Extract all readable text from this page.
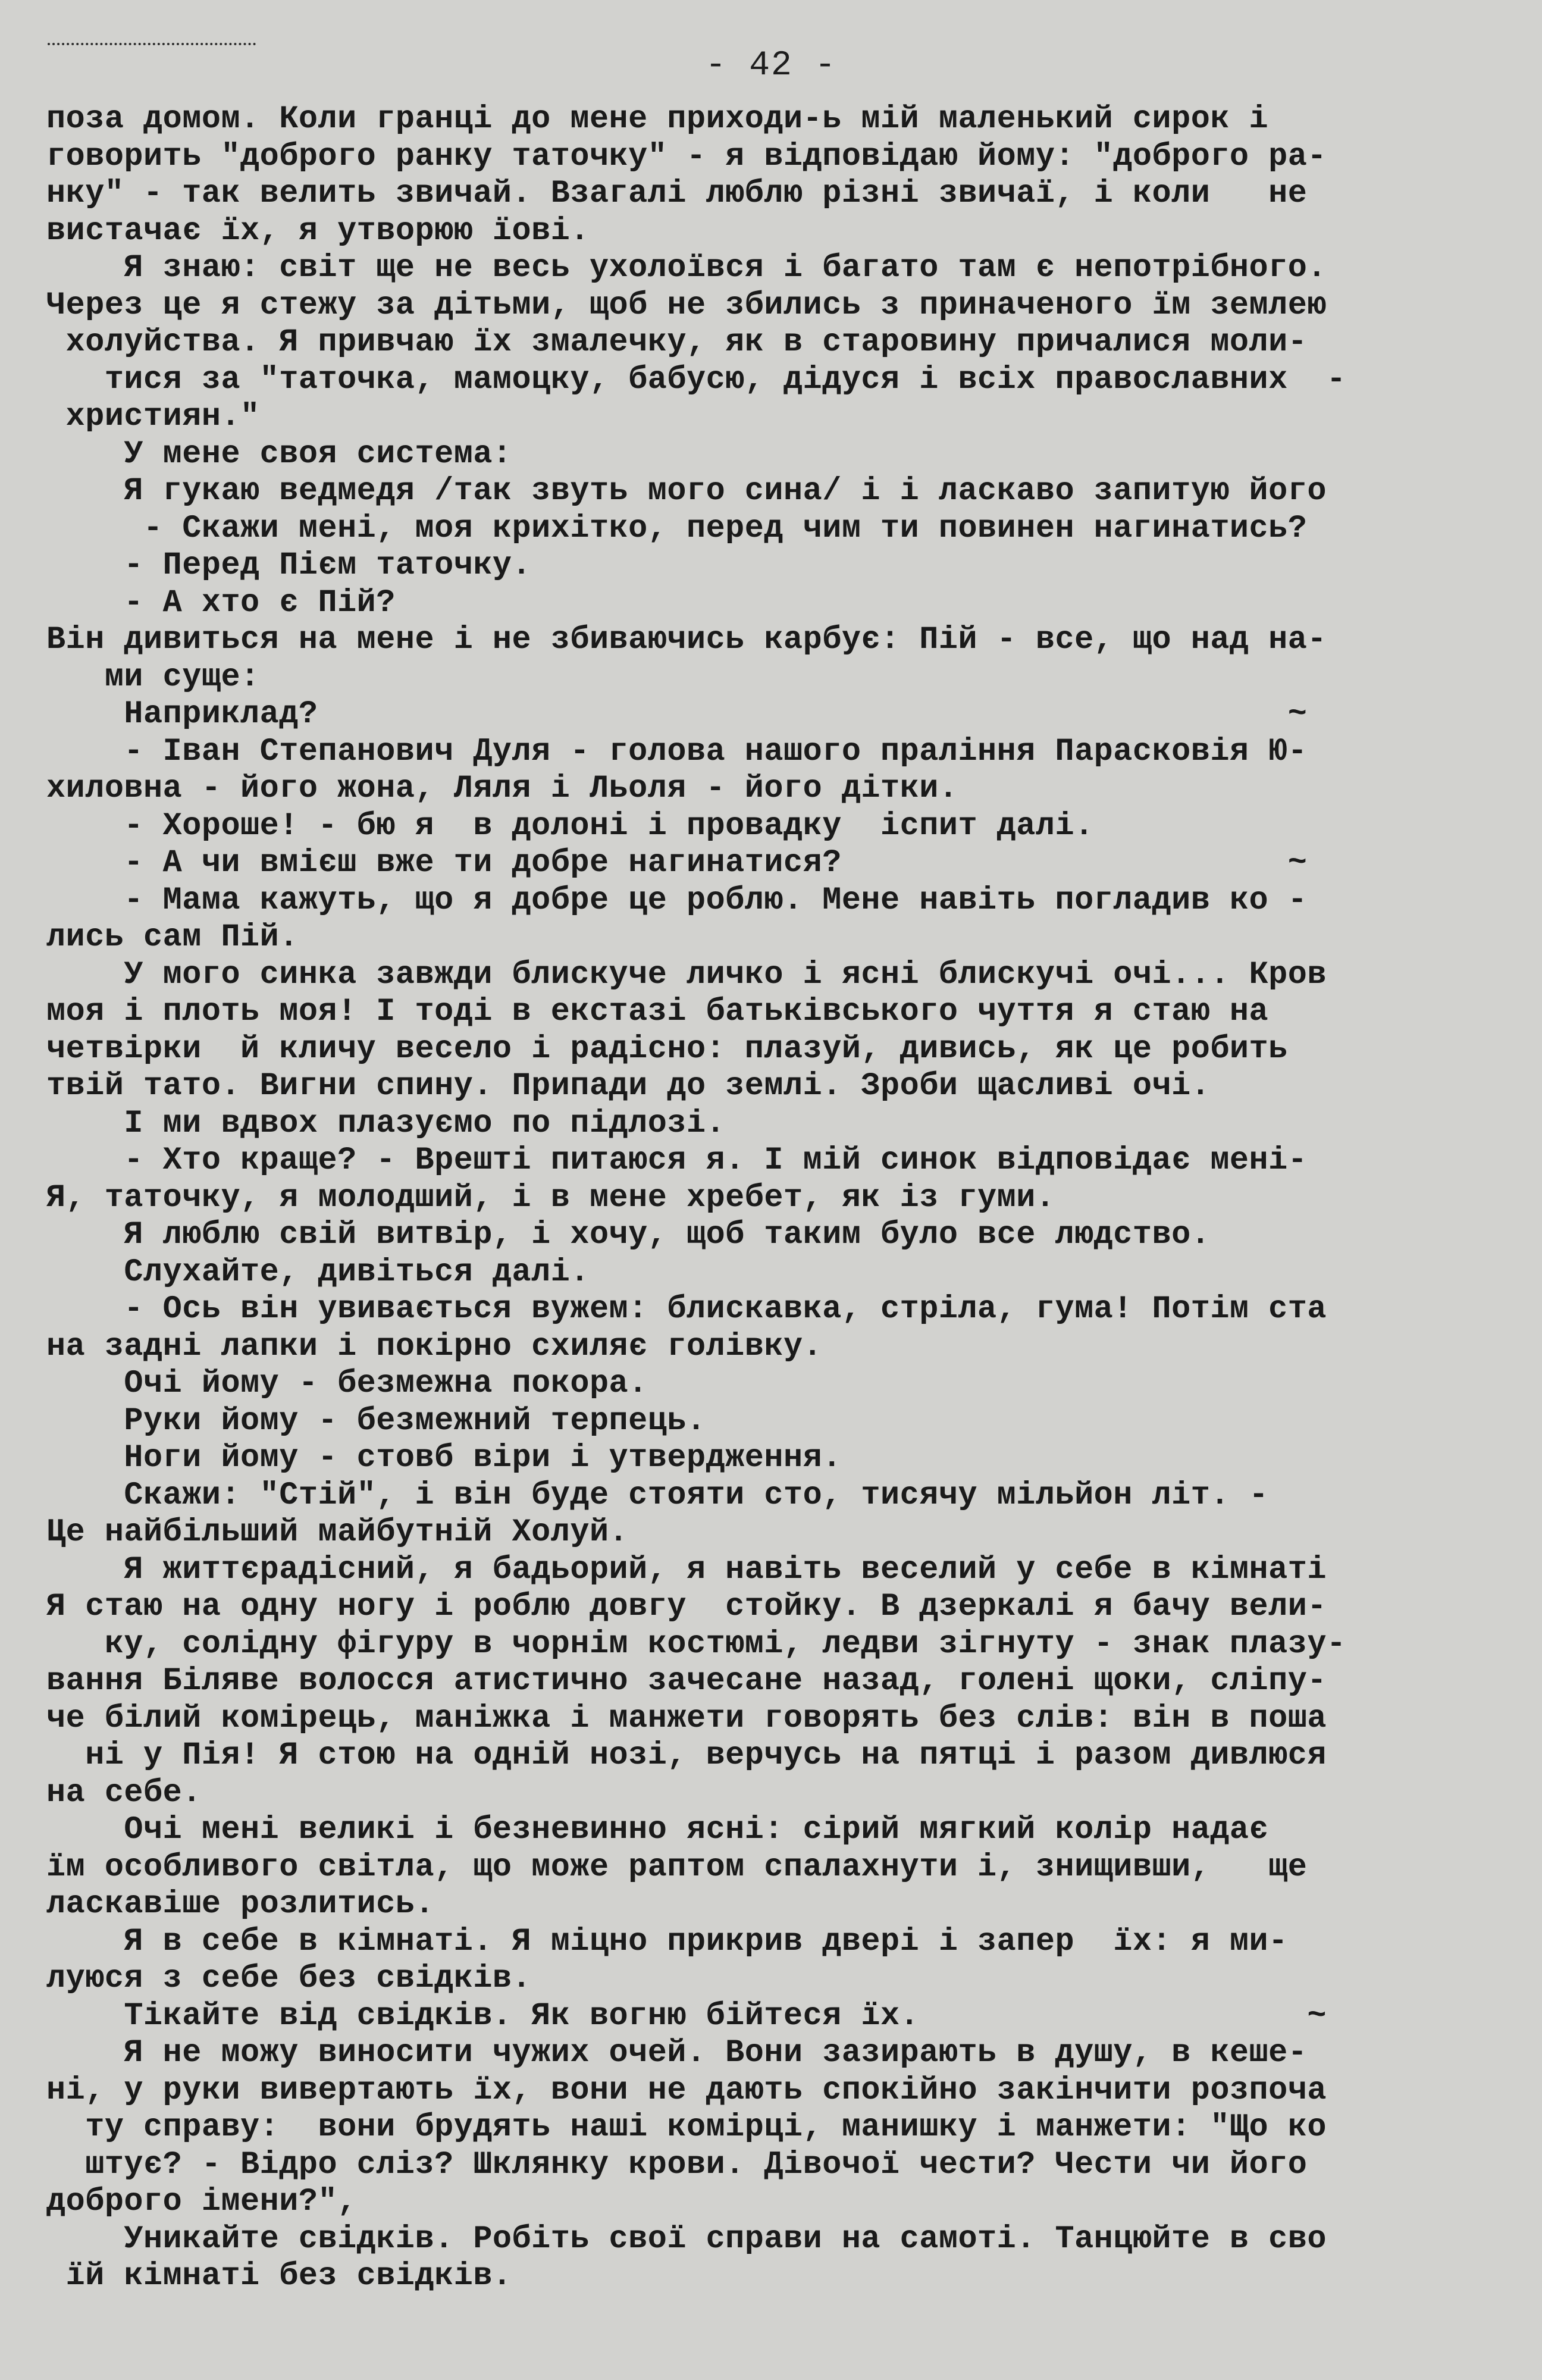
- 42 -
поза домом. Коли гранці до мене приходи-ь мій маленький сирок і
говорить "доброго ранку таточку" - я відповідаю йому: "доброго ра-
нку" - так велить звичай. Взагалі люблю різні звичаї, і коли   не
вистачає їх, я утворюю їові.
Я знаю: світ ще не весь ухолоївся і багато там є непотрібного.
Через це я стежу за дітьми, щоб не збились з приначеного їм землею
холуйства. Я привчаю їх змалечку, як в старовину причалися моли-
тися за "таточка, мамоцку, бабусю, дідуся і всіх православних  -
християн."
У мене своя система:
Я гукаю ведмедя /так звуть мого сина/ і і ласкаво запитую його
- Скажи мені, моя крихітко, перед чим ти повинен нагинатись?
- Перед Пієм таточку.
- А хто є Пій?
Він дивиться на мене і не збиваючись карбує: Пій - все, що над на-
ми суще:
Наприклад?                                                  ~
- Іван Степанович Дуля - голова нашого праління Парасковія Ю-
хиловна - його жона, Ляля і Льоля - його дітки.
- Хороше! - бю я  в долоні і провадку  іспит далі.
- А чи вмієш вже ти добре нагинатися?                       ~
- Мама кажуть, що я добре це роблю. Мене навіть погладив ко -
лись сам Пій.
У мого синка завжди блискуче личко і ясні блискучі очі... Кров
моя і плоть моя! І тоді в екстазі батьківського чуття я стаю на
четвірки  й кличу весело і радісно: плазуй, дивись, як це робить
твій тато. Вигни спину. Припади до землі. Зроби щасливі очі.
І ми вдвох плазуємо по підлозі.
- Хто краще? - Врешті питаюся я. І мій синок відповідає мені-
Я, таточку, я молодший, і в мене хребет, як із гуми.
Я люблю свій витвір, і хочу, щоб таким було все людство.
Слухайте, дивіться далі.
- Ось він увивається вужем: блискавка, стріла, гума! Потім ста
на задні лапки і покірно схиляє голівку.
Очі йому - безмежна покора.
Руки йому - безмежний терпець.
Ноги йому - стовб віри і утвердження.
Скажи: "Стій", і він буде стояти сто, тисячу мільйон літ. -
Це найбільший майбутній Холуй.
Я життєрадісний, я бадьорий, я навіть веселий у себе в кімнаті
Я стаю на одну ногу і роблю довгу  стойку. В дзеркалі я бачу вели-
ку, солідну фігуру в чорнім костюмі, ледви зігнуту - знак плазу-
вання Біляве волосся атистично зачесане назад, голені щоки, сліпу-
че білий комірець, маніжка і манжети говорять без слів: він в поша
ні у Пія! Я стою на одній нозі, верчусь на пятці і разом дивлюся
на себе.
Очі мені великі і безневинно ясні: сірий мягкий колір надає
їм особливого світла, що може раптом спалахнути і, знищивши,   ще
ласкавіше розлитись.
Я в себе в кімнаті. Я міцно прикрив двері і запер  їх: я ми-
луюся з себе без свідків.
Тікайте від свідків. Як вогню бійтеся їх.                    ~
Я не можу виносити чужих очей. Вони зазирають в душу, в кеше-
ні, у руки вивертають їх, вони не дають спокійно закінчити розпоча
ту справу:  вони брудять наші комірці, манишку і манжети: "Що ко
штує? - Відро сліз? Шклянку крови. Дівочої чести? Чести чи його
доброго імени?",
Уникайте свідків. Робіть свої справи на самоті. Танцюйте в сво
їй кімнаті без свідків.
